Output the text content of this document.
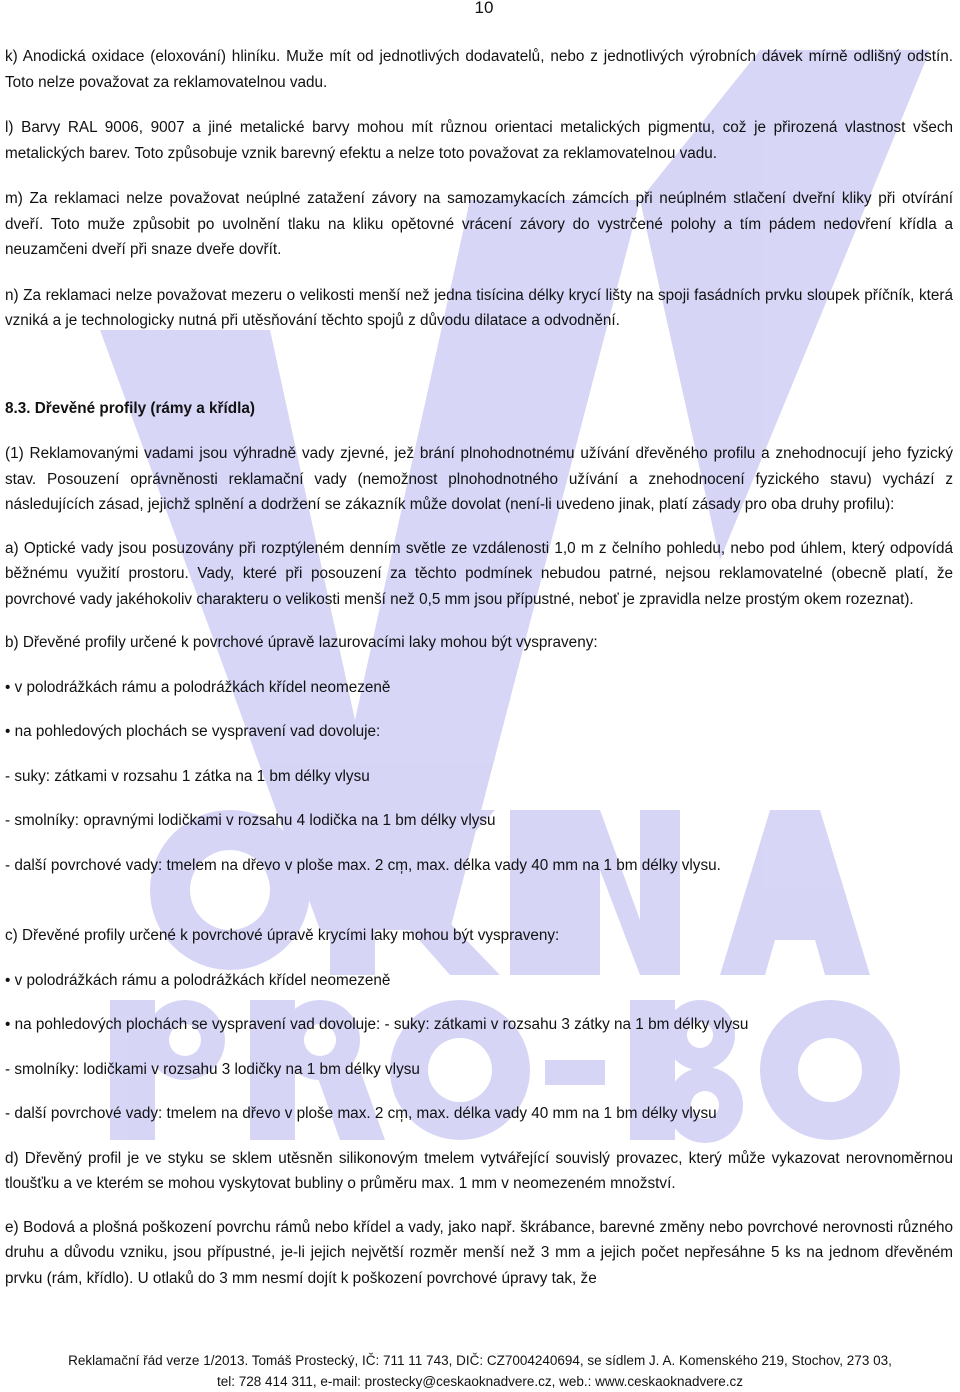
10

k) Anodická oxidace (eloxování) hliníku. Muže mít od jednotlivých dodavatelů, nebo z jednotlivých výrobních dávek mírně odlišný odstín. Toto nelze považovat za reklamovatelnou vadu.

l) Barvy RAL 9006, 9007 a jiné metalické barvy mohou mít různou orientaci metalických pigmentu, což je přirozená vlastnost všech metalických barev. Toto způsobuje vznik barevný efektu a nelze toto považovat za reklamovatelnou vadu.

m) Za reklamaci nelze považovat neúplné zatažení závory na samozamykacích zámcích při neúplném stlačení dveřní kliky při otvírání dveří. Toto muže způsobit po uvolnění tlaku na kliku opětovné vrácení závory do vystrčené polohy a tím pádem nedovření křídla a neuzamčeni dveří při snaze dveře dovřít.

n) Za reklamaci nelze považovat mezeru o velikosti menší než jedna tisícina délky krycí lišty na spoji fasádních prvku sloupek příčník, která vzniká a je technologicky nutná při utěsňování těchto spojů z důvodu dilatace a odvodnění.

8.3. Dřevěné profily (rámy a křídla)

(1) Reklamovanými vadami jsou výhradně vady zjevné, jež brání plnohodnotnému užívání dřevěného profilu a znehodnocují jeho fyzický stav. Posouzení oprávněnosti reklamační vady (nemožnost plnohodnotného užívání a znehodnocení fyzického stavu) vychází z následujících zásad, jejichž splnění a dodržení se zákazník může dovolat (není-li uvedeno jinak, platí zásady pro oba druhy profilu):

a) Optické vady jsou posuzovány při rozptýleném denním světle ze vzdálenosti 1,0 m z čelního pohledu, nebo pod úhlem, který odpovídá běžnému využití prostoru. Vady, které při posouzení za těchto podmínek nebudou patrné, nejsou reklamovatelné (obecně platí, že povrchové vady jakéhokoliv charakteru o velikosti menší než 0,5 mm jsou přípustné, neboť je zpravidla nelze prostým okem rozeznat).

b) Dřevěné profily určené k povrchové úpravě lazurovacími laky mohou být vyspraveny:

• v polodrážkách rámu a polodrážkách křídel neomezeně

• na pohledových plochách se vyspravení vad dovoluje:

- suky: zátkami v rozsahu 1 zátka na 1 bm délky vlysu

- smolníky: opravnými lodičkami v rozsahu 4 lodička na 1 bm délky vlysu

- další povrchové vady: tmelem na dřevo v ploše max. 2 cm̦, max. délka vady 40 mm na 1 bm délky vlysu.

c) Dřevěné profily určené k povrchové úpravě krycími laky mohou být vyspraveny:

• v polodrážkách rámu a polodrážkách křídel neomezeně

• na pohledových plochách se vyspravení vad dovoluje: - suky: zátkami v rozsahu 3 zátky na 1 bm délky vlysu

- smolníky: lodičkami v rozsahu 3 lodičky na 1 bm délky vlysu

- další povrchové vady: tmelem na dřevo v ploše max. 2 cm̦, max. délka vady 40 mm na 1 bm délky vlysu

d) Dřevěný profil je ve styku se sklem utěsněn silikonovým tmelem vytvářející souvislý provazec, který může vykazovat nerovnoměrnou tloušťku a ve kterém se mohou vyskytovat bubliny o průměru max. 1 mm v neomezeném množství.

e) Bodová a plošná poškození povrchu rámů nebo křídel a vady, jako např. škrábance, barevné změny nebo povrchové nerovnosti různého druhu a důvodu vzniku, jsou přípustné, je-li jejich největší rozměr menší než 3 mm a jejich počet nepřesáhne 5 ks na jednom dřevěném prvku (rám, křídlo). U otlaků do 3 mm nesmí dojít k poškození povrchové úpravy tak, že

Reklamační řád verze 1/2013. Tomáš Prostecký, IČ: 711 11 743, DIČ: CZ7004240694, se sídlem J. A. Komenského 219, Stochov, 273 03,
tel: 728 414 311, e-mail: prostecky@ceskaoknadvere.cz, web.: www.ceskaoknadvere.cz
